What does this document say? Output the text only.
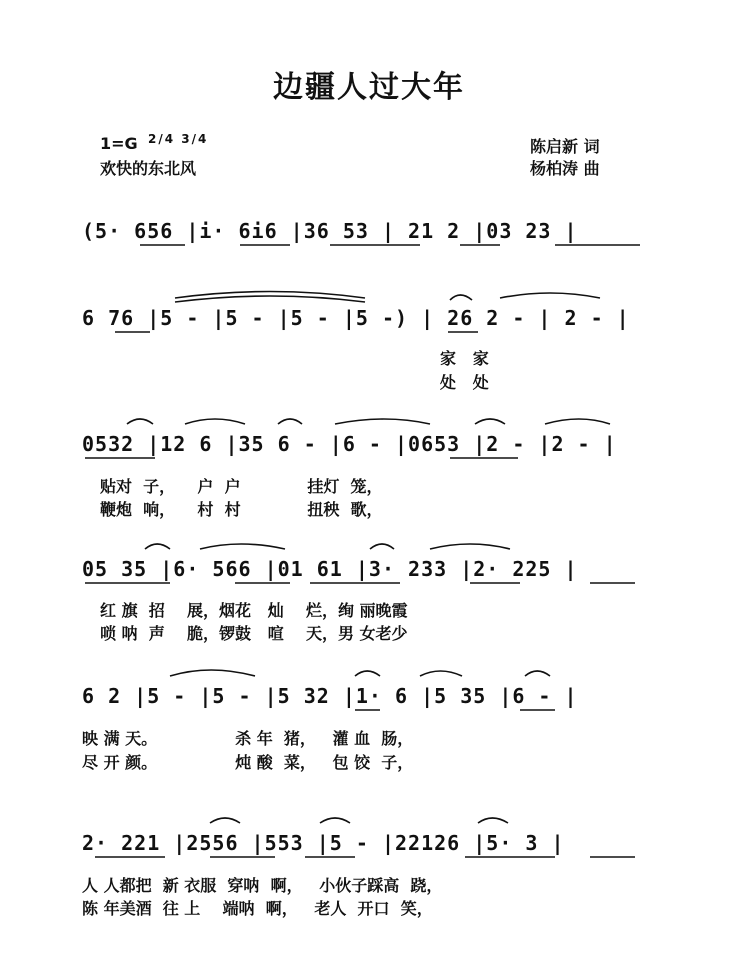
边疆人过大年
1=G 2/4 3/4
欢快的东北风
陈启新 词
杨柏涛 曲
(5· 656 |i· 6i6 |36 53 | 21 2 |03 23 |
6 76 |5 - |5 - |5 - |5 -) | 26 2 - | 2 - |
家   家
处   处
0532 |12 6 |35 6 - |6 - |0653 |2 - |2 - |
贴对  子，    户  户            挂灯  笼，
鞭炮  响，    村  村            扭秧  歌，
05 35 |6· 566 |01 61 |3· 233 |2· 225 |
红 旗  招    展，烟花   灿    烂，绚 丽晚霞
唢 呐  声    脆，锣鼓   喧    天，男 女老少
6 2 |5 - |5 - |5 32 |1· 6 |5 35 |6 - |
映 满 天。              杀 年  猪，   灌 血  肠，
尽 开 颜。              炖 酸  菜，   包 饺  子，
2· 221 |2556 |553 |5 - |22126 |5· 3 |
人 人都把  新 衣服  穿呐  啊，   小伙子踩高  跷，
陈 年美酒  往 上    端呐  啊，   老人  开口  笑，
